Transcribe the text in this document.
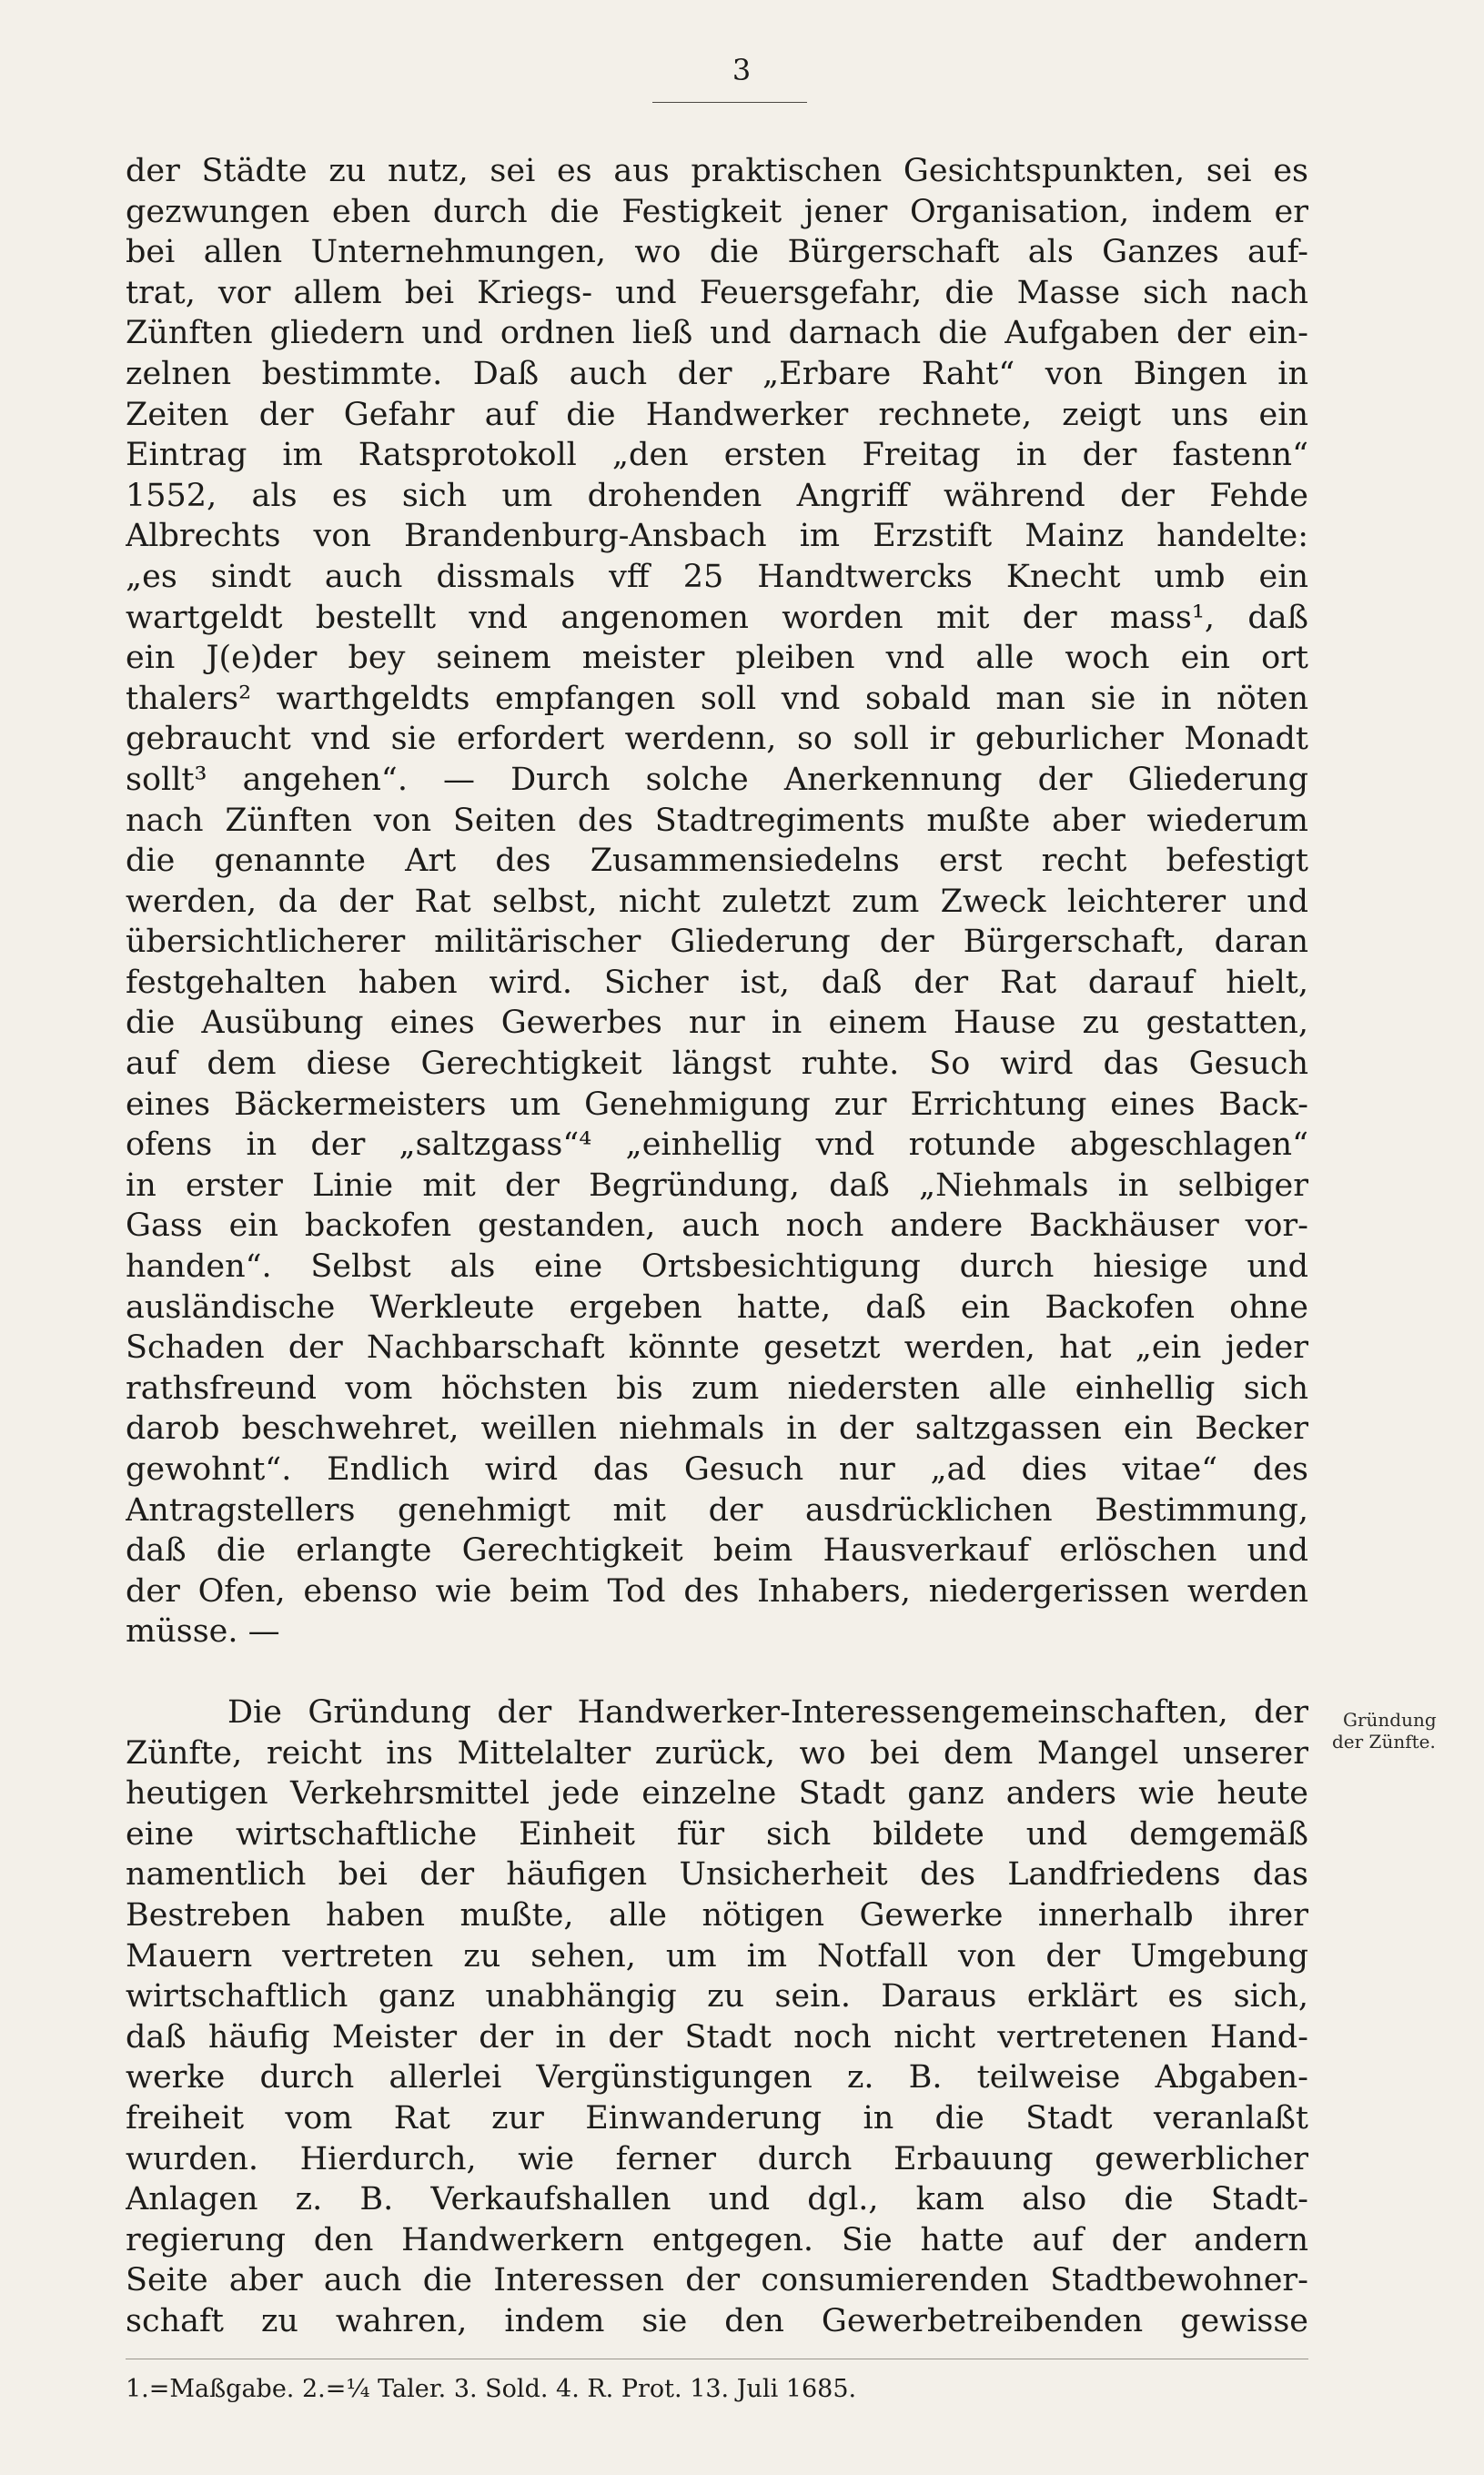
3
der Städte zu nutz, sei es aus praktischen Gesichtspunkten, sei es
gezwungen eben durch die Festigkeit jener Organisation, indem er
bei allen Unternehmungen, wo die Bürgerschaft als Ganzes auf-
trat, vor allem bei Kriegs- und Feuersgefahr, die Masse sich nach
Zünften gliedern und ordnen ließ und darnach die Aufgaben der ein-
zelnen bestimmte. Daß auch der „Erbare Raht“ von Bingen in
Zeiten der Gefahr auf die Handwerker rechnete, zeigt uns ein
Eintrag im Ratsprotokoll „den ersten Freitag in der fastenn“
1552, als es sich um drohenden Angriff während der Fehde
Albrechts von Brandenburg-Ansbach im Erzstift Mainz handelte:
„es sindt auch dissmals vff 25 Handtwercks Knecht umb ein
wartgeldt bestellt vnd angenomen worden mit der mass¹, daß
ein J(e)der bey seinem meister pleiben vnd alle woch ein ort
thalers² warthgeldts empfangen soll vnd sobald man sie in nöten
gebraucht vnd sie erfordert werdenn, so soll ir geburlicher Monadt
sollt³ angehen“. — Durch solche Anerkennung der Gliederung
nach Zünften von Seiten des Stadtregiments mußte aber wiederum
die genannte Art des Zusammensiedelns erst recht befestigt
werden, da der Rat selbst, nicht zuletzt zum Zweck leichterer und
übersichtlicherer militärischer Gliederung der Bürgerschaft, daran
festgehalten haben wird. Sicher ist, daß der Rat darauf hielt,
die Ausübung eines Gewerbes nur in einem Hause zu gestatten,
auf dem diese Gerechtigkeit längst ruhte. So wird das Gesuch
eines Bäckermeisters um Genehmigung zur Errichtung eines Back-
ofens in der „saltzgass“⁴ „einhellig vnd rotunde abgeschlagen“
in erster Linie mit der Begründung, daß „Niehmals in selbiger
Gass ein backofen gestanden, auch noch andere Backhäuser vor-
handen“. Selbst als eine Ortsbesichtigung durch hiesige und
ausländische Werkleute ergeben hatte, daß ein Backofen ohne
Schaden der Nachbarschaft könnte gesetzt werden, hat „ein jeder
rathsfreund vom höchsten bis zum niedersten alle einhellig sich
darob beschwehret, weillen niehmals in der saltzgassen ein Becker
gewohnt“. Endlich wird das Gesuch nur „ad dies vitae“ des
Antragstellers genehmigt mit der ausdrücklichen Bestimmung,
daß die erlangte Gerechtigkeit beim Hausverkauf erlöschen und
der Ofen, ebenso wie beim Tod des Inhabers, niedergerissen werden
müsse. —
Die Gründung der Handwerker-Interessengemeinschaften, der
Zünfte, reicht ins Mittelalter zurück, wo bei dem Mangel unserer
heutigen Verkehrsmittel jede einzelne Stadt ganz anders wie heute
eine wirtschaftliche Einheit für sich bildete und demgemäß
namentlich bei der häufigen Unsicherheit des Landfriedens das
Bestreben haben mußte, alle nötigen Gewerke innerhalb ihrer
Mauern vertreten zu sehen, um im Notfall von der Umgebung
wirtschaftlich ganz unabhängig zu sein. Daraus erklärt es sich,
daß häufig Meister der in der Stadt noch nicht vertretenen Hand-
werke durch allerlei Vergünstigungen z. B. teilweise Abgaben-
freiheit vom Rat zur Einwanderung in die Stadt veranlaßt
wurden. Hierdurch, wie ferner durch Erbauung gewerblicher
Anlagen z. B. Verkaufshallen und dgl., kam also die Stadt-
regierung den Handwerkern entgegen. Sie hatte auf der andern
Seite aber auch die Interessen der consumierenden Stadtbewohner-
schaft zu wahren, indem sie den Gewerbetreibenden gewisse
Gründung
der Zünfte.
1.=Maßgabe. 2.=¼ Taler. 3. Sold. 4. R. Prot. 13. Juli 1685.
